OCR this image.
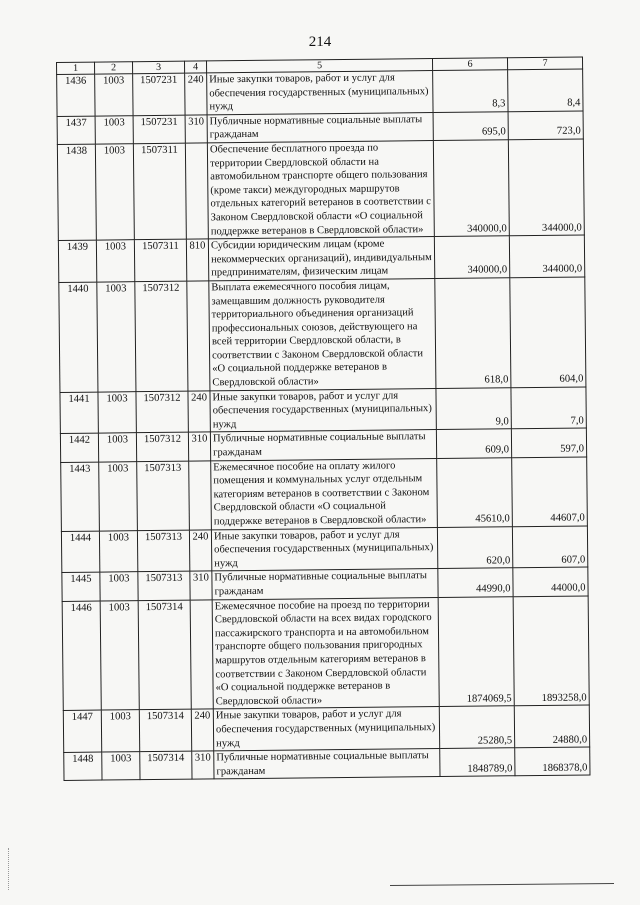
214
1	2	3	4	5	6	7
1436	1003	1507231	240	Иные закупки товаров, работ и услуг для обеспечения государственных (муниципальных) нужд	8,3	8,4
1437	1003	1507231	310	Публичные нормативные социальные выплаты гражданам	695,0	723,0
1438	1003	1507311		Обеспечение бесплатного проезда по территории Свердловской области на автомобильном транспорте общего пользования (кроме такси) междугородных маршрутов отдельных категорий ветеранов в соответствии с Законом Свердловской области «О социальной поддержке ветеранов в Свердловской области»	340000,0	344000,0
1439	1003	1507311	810	Субсидии юридическим лицам (кроме некоммерческих организаций), индивидуальным предпринимателям, физическим лицам	340000,0	344000,0
1440	1003	1507312		Выплата ежемесячного пособия лицам, замещавшим должность руководителя территориального объединения организаций профессиональных союзов, действующего на всей территории Свердловской области, в соответствии с Законом Свердловской области «О социальной поддержке ветеранов в Свердловской области»	618,0	604,0
1441	1003	1507312	240	Иные закупки товаров, работ и услуг для обеспечения государственных (муниципальных) нужд	9,0	7,0
1442	1003	1507312	310	Публичные нормативные социальные выплаты гражданам	609,0	597,0
1443	1003	1507313		Ежемесячное пособие на оплату жилого помещения и коммунальных услуг отдельным категориям ветеранов в соответствии с Законом Свердловской области «О социальной поддержке ветеранов в Свердловской области»	45610,0	44607,0
1444	1003	1507313	240	Иные закупки товаров, работ и услуг для обеспечения государственных (муниципальных) нужд	620,0	607,0
1445	1003	1507313	310	Публичные нормативные социальные выплаты гражданам	44990,0	44000,0
1446	1003	1507314		Ежемесячное пособие на проезд по территории Свердловской области на всех видах городского пассажирского транспорта и на автомобильном транспорте общего пользования пригородных маршрутов отдельным категориям ветеранов в соответствии с Законом Свердловской области «О социальной поддержке ветеранов в Свердловской области»	1874069,5	1893258,0
1447	1003	1507314	240	Иные закупки товаров, работ и услуг для обеспечения государственных (муниципальных) нужд	25280,5	24880,0
1448	1003	1507314	310	Публичные нормативные социальные выплаты гражданам	1848789,0	1868378,0
